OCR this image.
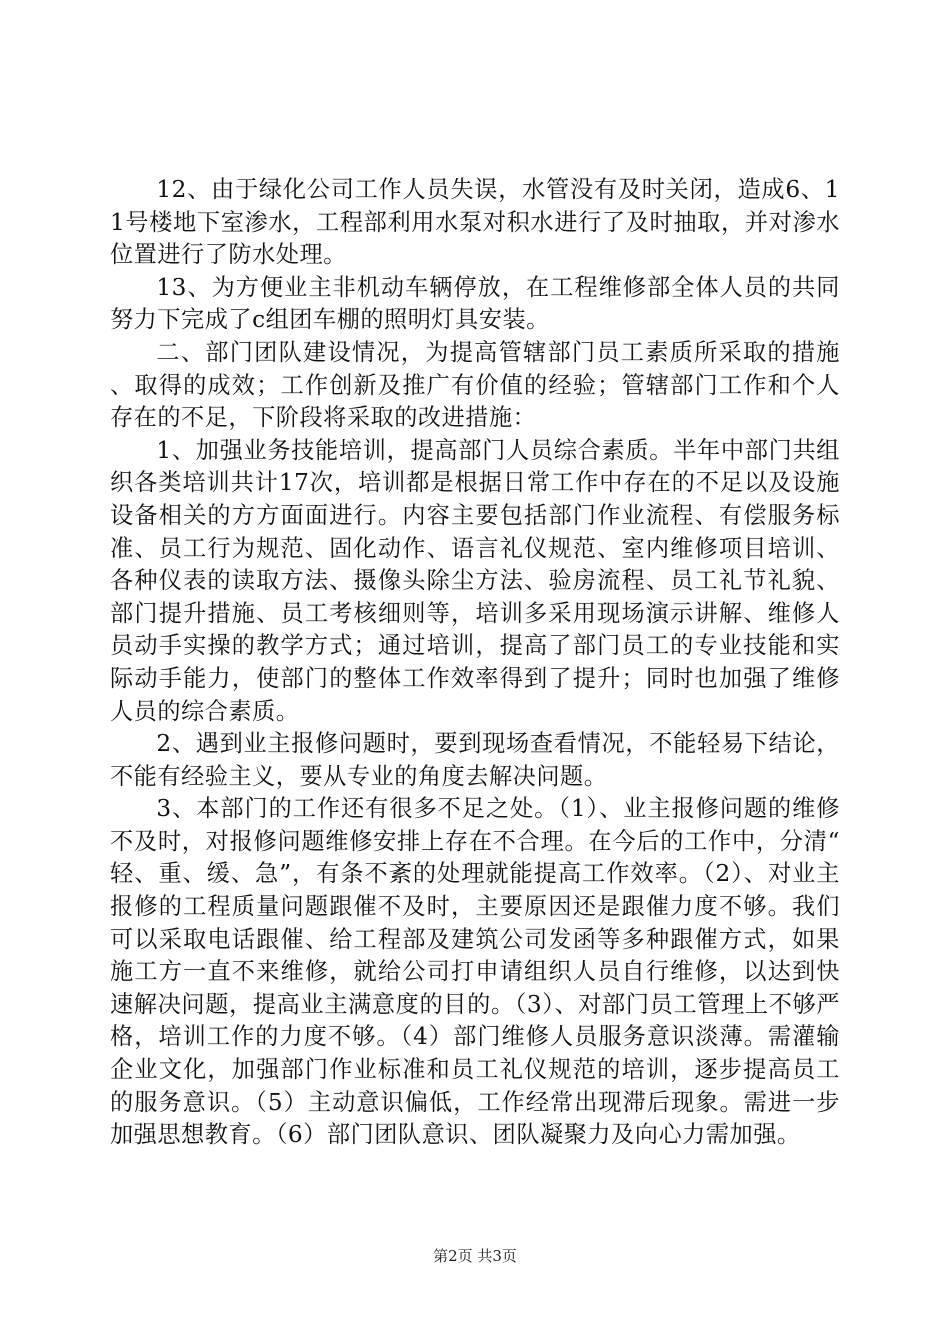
12、由于绿化公司工作人员失误，水管没有及时关闭，造成6、11号楼地下室渗水，工程部利用水泵对积水进行了及时抽取，并对渗水位置进行了防水处理。

13、为方便业主非机动车辆停放，在工程维修部全体人员的共同努力下完成了c组团车棚的照明灯具安装。

二、部门团队建设情况，为提高管辖部门员工素质所采取的措施、取得的成效；工作创新及推广有价值的经验；管辖部门工作和个人存在的不足，下阶段将采取的改进措施：

1、加强业务技能培训，提高部门人员综合素质。半年中部门共组织各类培训共计17次，培训都是根据日常工作中存在的不足以及设施设备相关的方方面面进行。内容主要包括部门作业流程、有偿服务标准、员工行为规范、固化动作、语言礼仪规范、室内维修项目培训、各种仪表的读取方法、摄像头除尘方法、验房流程、员工礼节礼貌、部门提升措施、员工考核细则等，培训多采用现场演示讲解、维修人员动手实操的教学方式；通过培训，提高了部门员工的专业技能和实际动手能力，使部门的整体工作效率得到了提升；同时也加强了维修人员的综合素质。

2、遇到业主报修问题时，要到现场查看情况，不能轻易下结论，不能有经验主义，要从专业的角度去解决问题。

3、本部门的工作还有很多不足之处。（1）、业主报修问题的维修不及时，对报修问题维修安排上存在不合理。在今后的工作中，分清“轻、重、缓、急”，有条不紊的处理就能提高工作效率。（2）、对业主报修的工程质量问题跟催不及时，主要原因还是跟催力度不够。我们可以采取电话跟催、给工程部及建筑公司发函等多种跟催方式，如果施工方一直不来维修，就给公司打申请组织人员自行维修，以达到快速解决问题，提高业主满意度的目的。（3）、对部门员工管理上不够严格，培训工作的力度不够。（4）部门维修人员服务意识淡薄。需灌输企业文化，加强部门作业标准和员工礼仪规范的培训，逐步提高员工的服务意识。（5）主动意识偏低，工作经常出现滞后现象。需进一步加强思想教育。（6）部门团队意识、团队凝聚力及向心力需加强。

第2页 共3页
